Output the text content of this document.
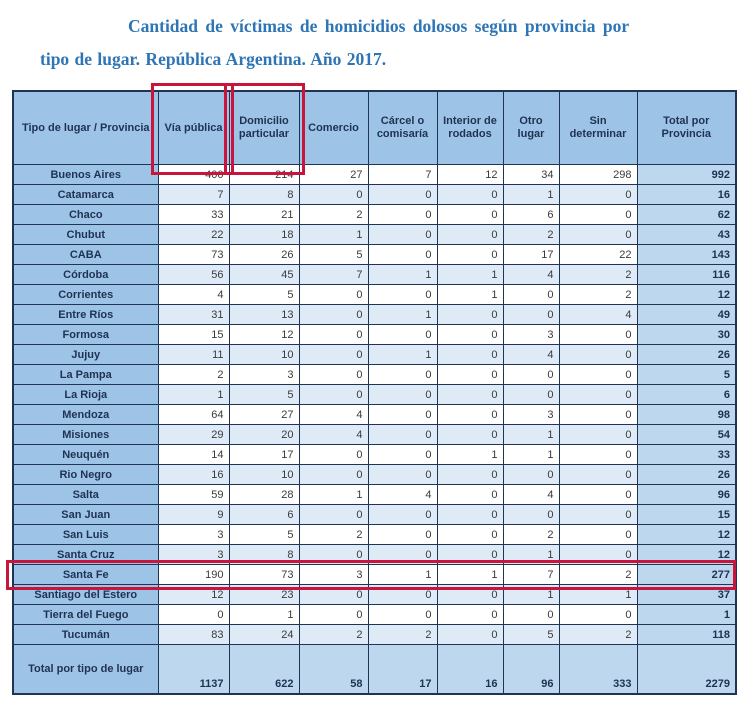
Cantidad de víctimas de homicidios dolosos según provincia por
tipo de lugar. República Argentina. Año 2017.
Tipo de lugar / Provincia	Vía pública	Domicilio particular	Comercio	Cárcel o comisaría	Interior de rodados	Otro lugar	Sin determinar	Total por Provincia
Buenos Aires	400	214	27	7	12	34	298	992
Catamarca	7	8	0	0	0	1	0	16
Chaco	33	21	2	0	0	6	0	62
Chubut	22	18	1	0	0	2	0	43
CABA	73	26	5	0	0	17	22	143
Córdoba	56	45	7	1	1	4	2	116
Corrientes	4	5	0	0	1	0	2	12
Entre Ríos	31	13	0	1	0	0	4	49
Formosa	15	12	0	0	0	3	0	30
Jujuy	11	10	0	1	0	4	0	26
La Pampa	2	3	0	0	0	0	0	5
La Rioja	1	5	0	0	0	0	0	6
Mendoza	64	27	4	0	0	3	0	98
Misiones	29	20	4	0	0	1	0	54
Neuquén	14	17	0	0	1	1	0	33
Rio Negro	16	10	0	0	0	0	0	26
Salta	59	28	1	4	0	4	0	96
San Juan	9	6	0	0	0	0	0	15
San Luis	3	5	2	0	0	2	0	12
Santa Cruz	3	8	0	0	0	1	0	12
Santa Fe	190	73	3	1	1	7	2	277
Santiago del Estero	12	23	0	0	0	1	1	37
Tierra del Fuego	0	1	0	0	0	0	0	1
Tucumán	83	24	2	2	0	5	2	118
Total por tipo de lugar	1137	622	58	17	16	96	333	2279
